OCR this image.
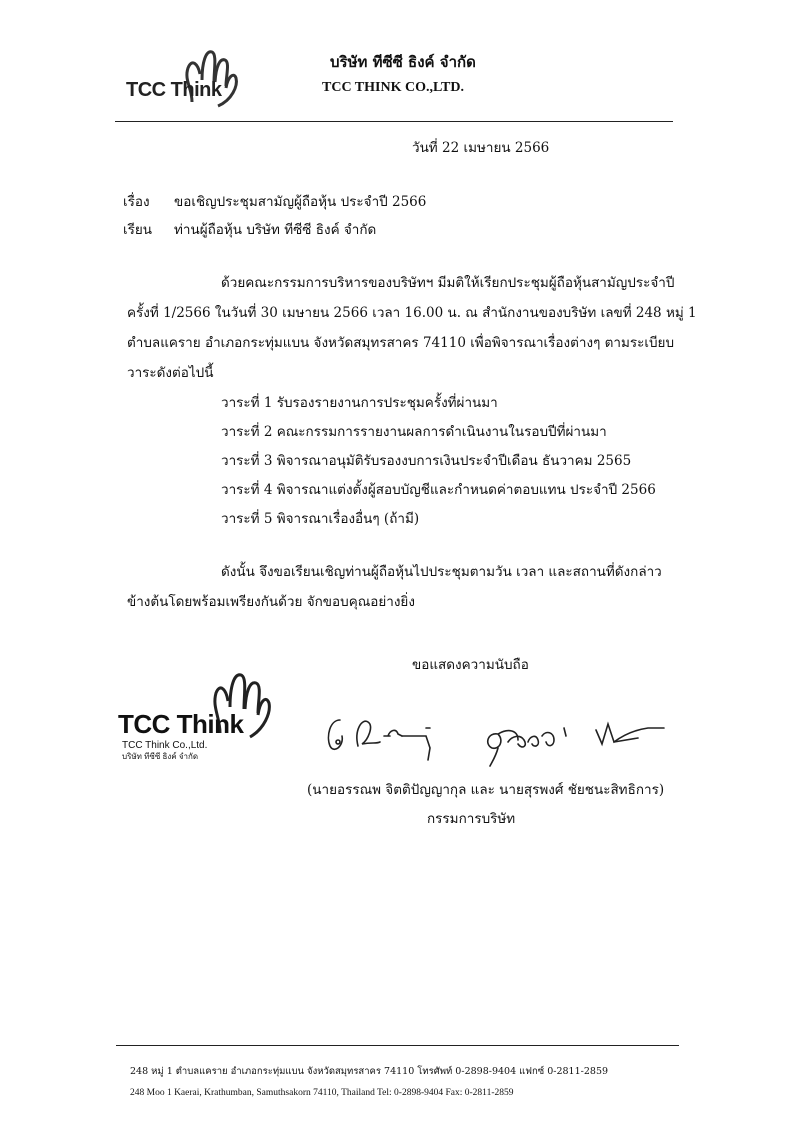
TCC Think
บริษัท ทีซีซี ธิงค์ จำกัด
TCC THINK CO.,LTD.
วันที่ 22 เมษายน 2566
เรื่อง ขอเชิญประชุมสามัญผู้ถือหุ้น ประจำปี 2566
เรียน ท่านผู้ถือหุ้น บริษัท ทีซีซี ธิงค์ จำกัด
ด้วยคณะกรรมการบริหารของบริษัทฯ มีมติให้เรียกประชุมผู้ถือหุ้นสามัญประจำปี
ครั้งที่ 1/2566 ในวันที่ 30 เมษายน 2566 เวลา 16.00 น. ณ สำนักงานของบริษัท เลขที่ 248 หมู่ 1
ตำบลแคราย อำเภอกระทุ่มแบน จังหวัดสมุทรสาคร 74110 เพื่อพิจารณาเรื่องต่างๆ ตามระเบียบ
วาระดังต่อไปนี้
วาระที่ 1 รับรองรายงานการประชุมครั้งที่ผ่านมา
วาระที่ 2 คณะกรรมการรายงานผลการดำเนินงานในรอบปีที่ผ่านมา
วาระที่ 3 พิจารณาอนุมัติรับรองงบการเงินประจำปีเดือน ธันวาคม 2565
วาระที่ 4 พิจารณาแต่งตั้งผู้สอบบัญชีและกำหนดค่าตอบแทน ประจำปี 2566
วาระที่ 5 พิจารณาเรื่องอื่นๆ (ถ้ามี)
ดังนั้น จึงขอเรียนเชิญท่านผู้ถือหุ้นไปประชุมตามวัน เวลา และสถานที่ดังกล่าว
ข้างต้นโดยพร้อมเพรียงกันด้วย จักขอบคุณอย่างยิ่ง
ขอแสดงความนับถือ
TCC Think
TCC Think Co.,Ltd.
บริษัท ทีซีซี ธิงค์ จำกัด
(นายอรรณพ จิตติปัญญากุล และ นายสุรพงศ์ ชัยชนะสิทธิการ)
กรรมการบริษัท
248 หมู่ 1 ตำบลแคราย อำเภอกระทุ่มแบน จังหวัดสมุทรสาคร 74110 โทรศัพท์ 0-2898-9404 แฟกซ์ 0-2811-2859
248 Moo 1 Kaerai, Krathumban, Samuthsakorn 74110, Thailand Tel: 0-2898-9404 Fax: 0-2811-2859
